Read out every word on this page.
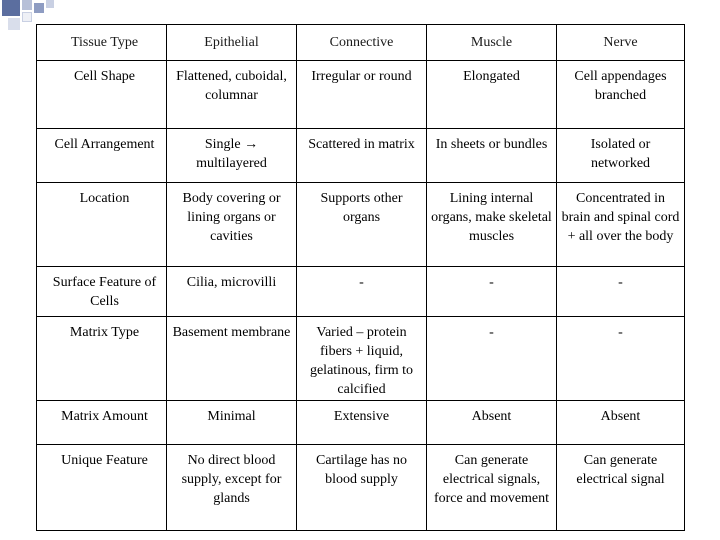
Tissue Type	Epithelial	Connective	Muscle	Nerve
Cell Shape	Flattened, cuboidal, columnar	Irregular or round	Elongated	Cell appendages branched
Cell Arrangement	Single → multilayered	Scattered in matrix	In sheets or bundles	Isolated or networked
Location	Body covering or lining organs or cavities	Supports other organs	Lining internal organs, make skeletal muscles	Concentrated in brain and spinal cord + all over the body
Surface Feature of Cells	Cilia, microvilli	-	-	-
Matrix Type	Basement membrane	Varied – protein fibers + liquid, gelatinous, firm to calcified	-	-
Matrix Amount	Minimal	Extensive	Absent	Absent
Unique Feature	No direct blood supply, except for glands	Cartilage has no blood supply	Can generate electrical signals, force and movement	Can generate electrical signal
